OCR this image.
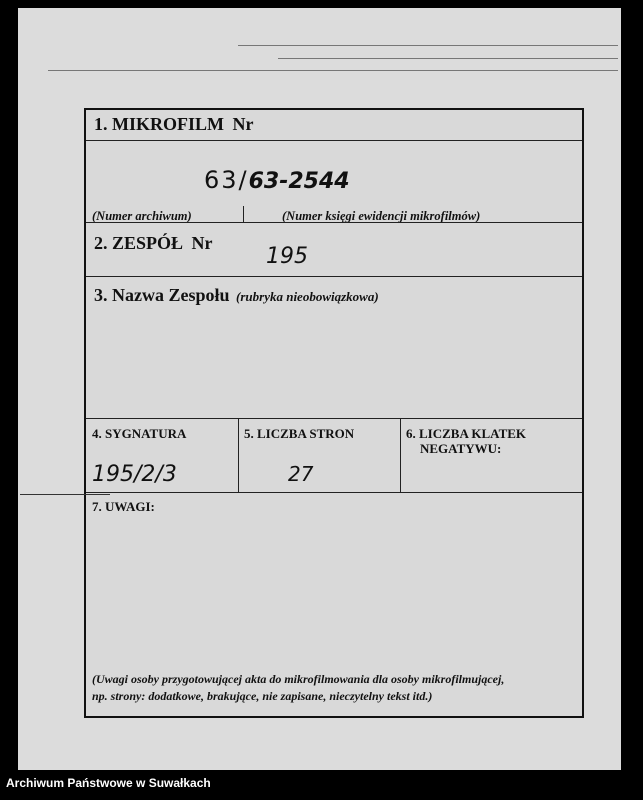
1. MIKROFILM Nr
63/63-2544
(Numer archiwum)	(Numer księgi ewidencji mikrofilmów)
2. ZESPÓŁ Nr
195
3. Nazwa Zespołu (rubryka nieobowiązkowa)
4. SYGNATURA	5. LICZBA STRON	6. LICZBA KLATEK
NEGATYWU:
195/2/3	27
7. UWAGI:
(Uwagi osoby przygotowującej akta do mikrofilmowania dla osoby mikrofilmującej,
np. strony: dodatkowe, brakujące, nie zapisane, nieczytelny tekst itd.)
Archiwum Państwowe w Suwałkach
